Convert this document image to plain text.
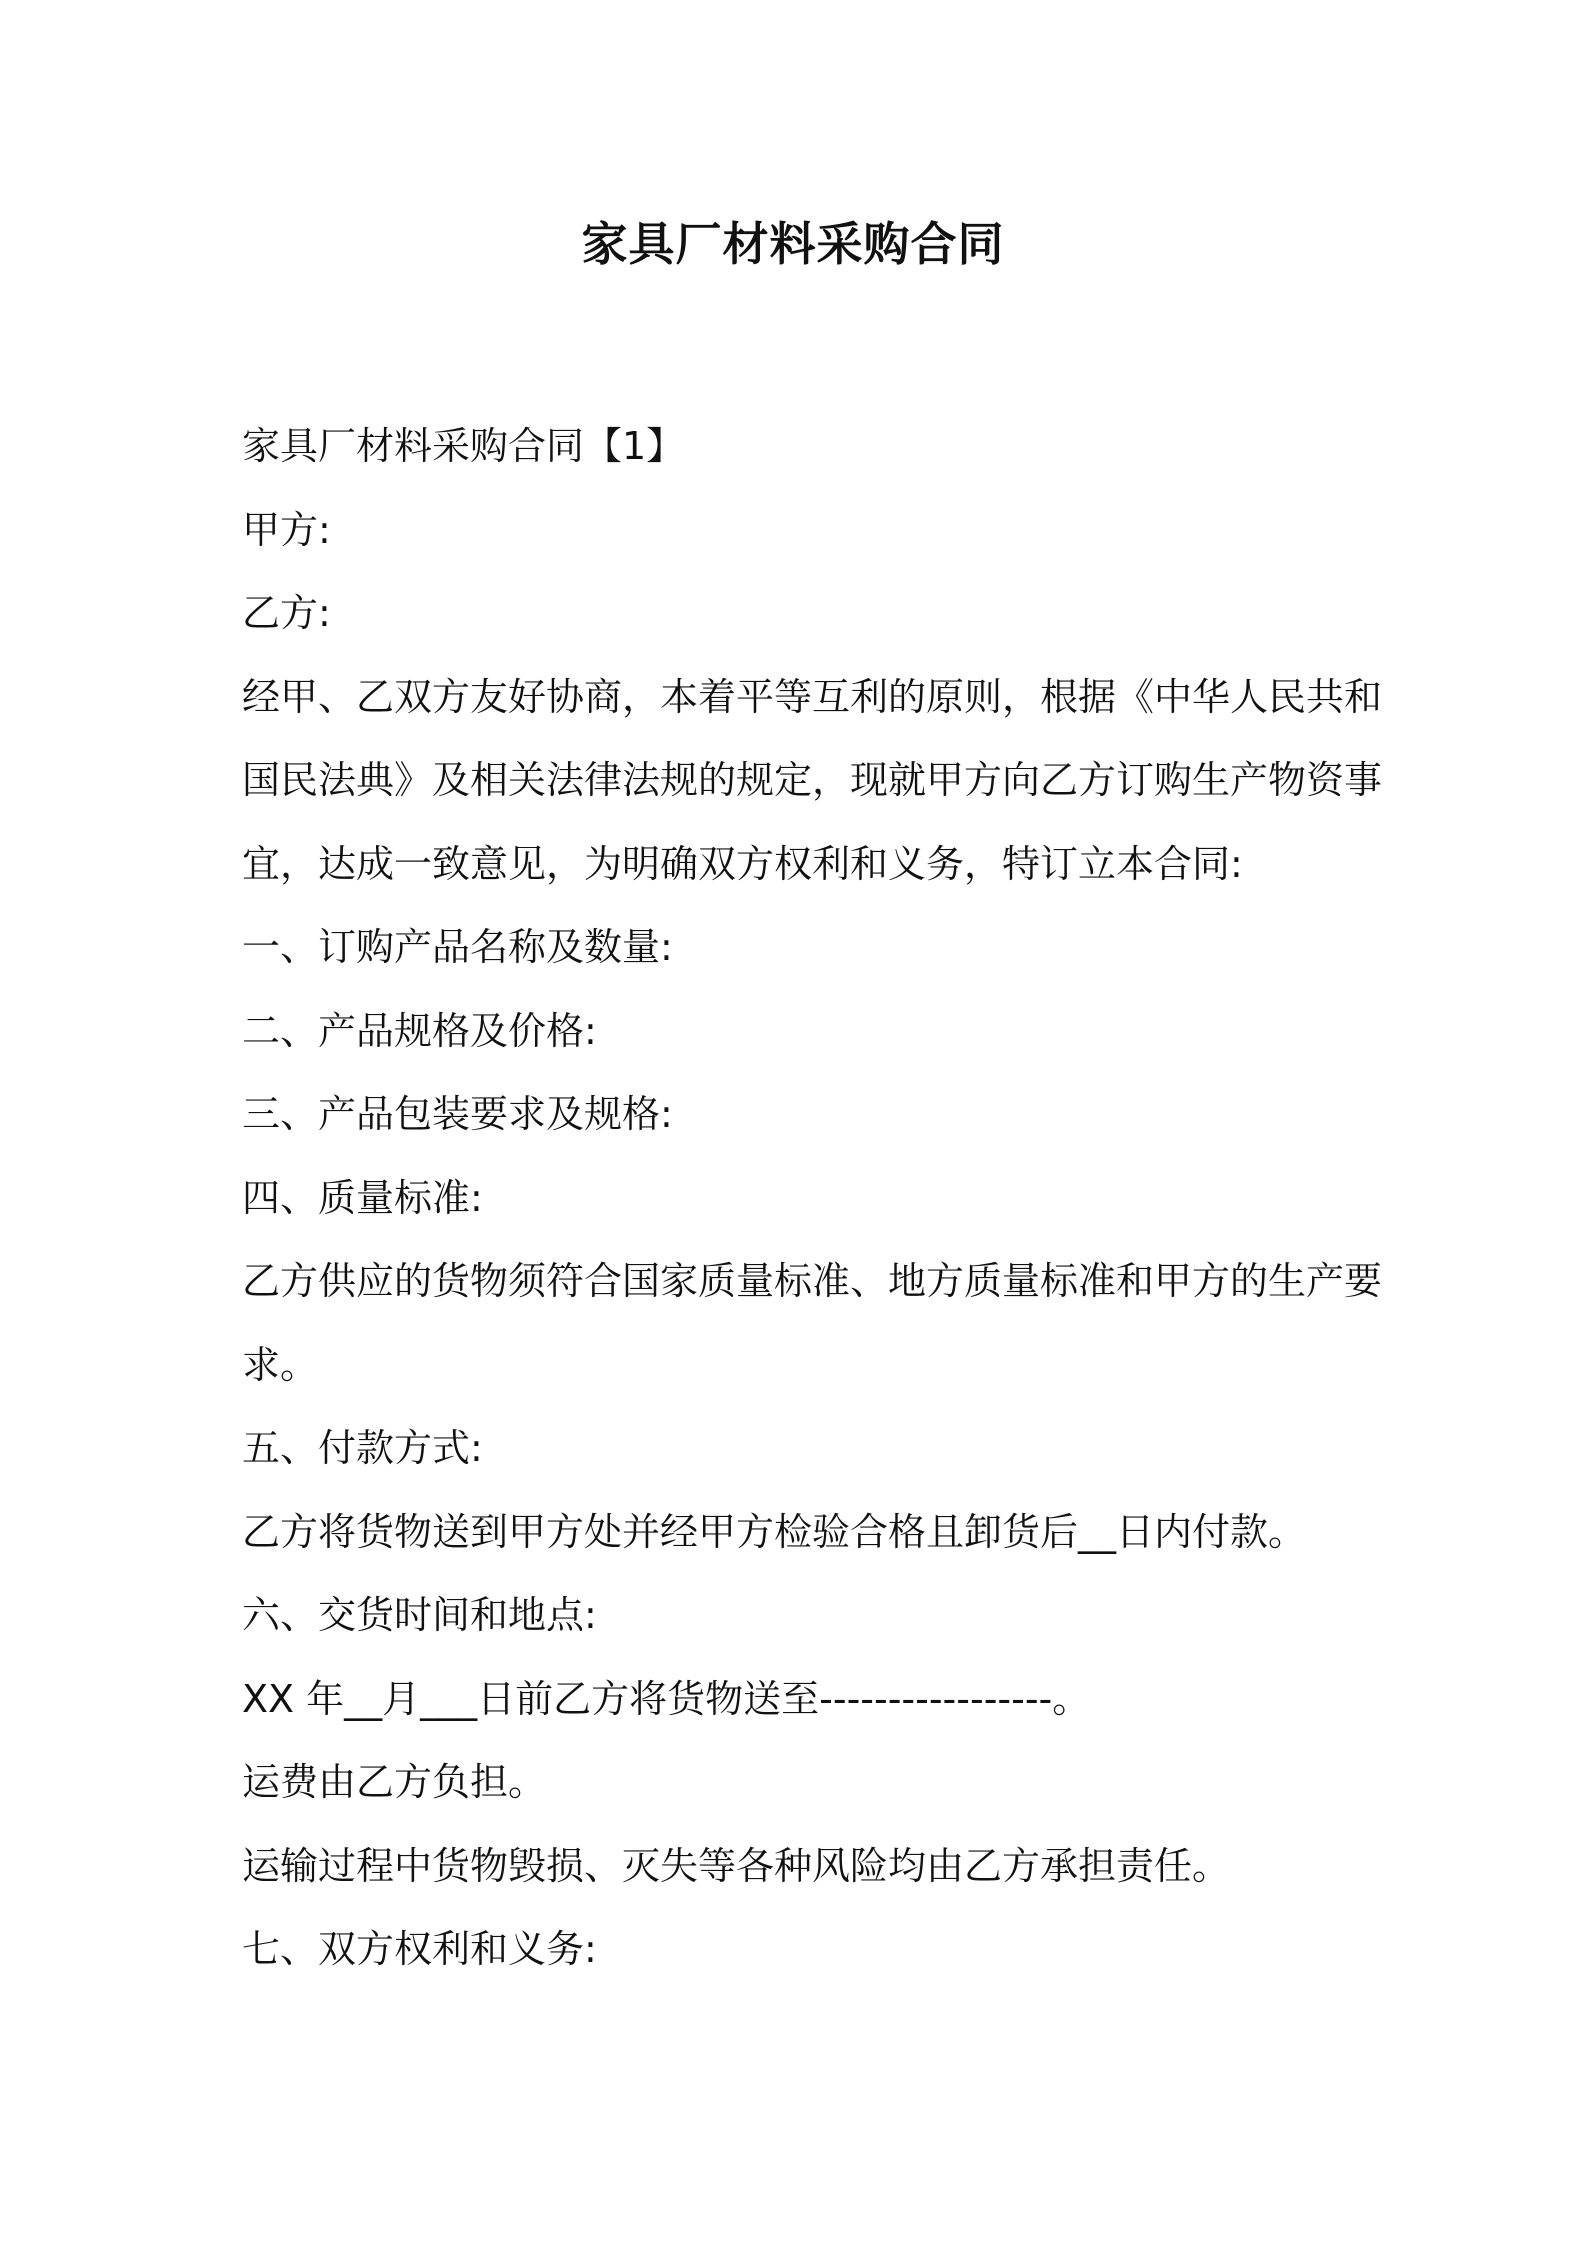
家具厂材料采购合同
家具厂材料采购合同【1】
甲方:
乙方:
经甲、乙双方友好协商，本着平等互利的原则，根据《中华人民共和
国民法典》及相关法律法规的规定，现就甲方向乙方订购生产物资事
宜，达成一致意见，为明确双方权利和义务，特订立本合同:
一、订购产品名称及数量:
二、产品规格及价格:
三、产品包装要求及规格:
四、质量标准:
乙方供应的货物须符合国家质量标准、地方质量标准和甲方的生产要
求。
五、付款方式:
乙方将货物送到甲方处并经甲方检验合格且卸货后__日内付款。
六、交货时间和地点:
XX 年__月___日前乙方将货物送至-----------------。
运费由乙方负担。
运输过程中货物毁损、灭失等各种风险均由乙方承担责任。
七、双方权利和义务:
